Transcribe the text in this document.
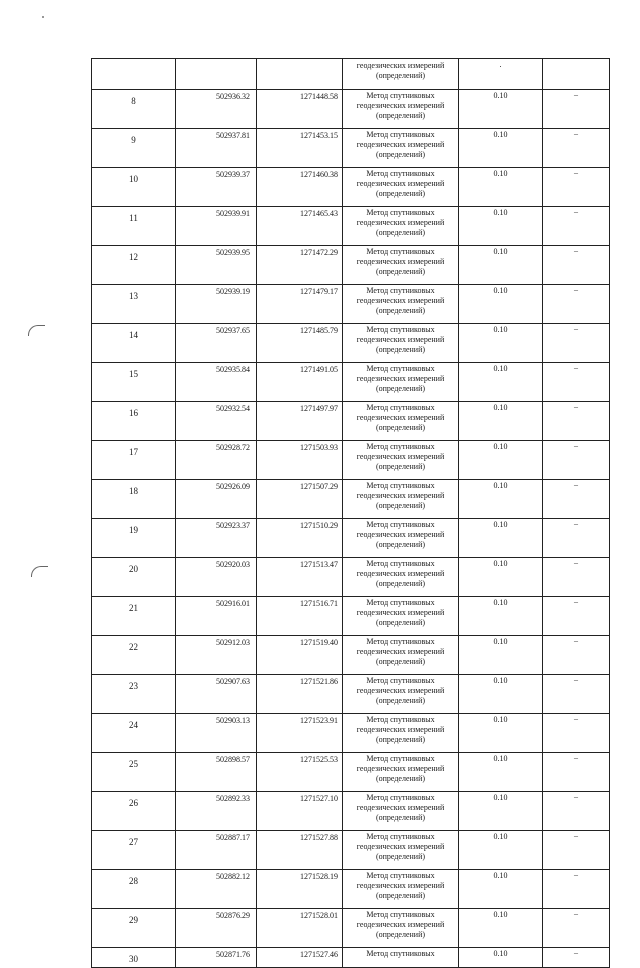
			геодезических измерений
(определений)	.	
8	502936.32	1271448.58	Метод спутниковых
геодезических измерений
(определений)	0.10	–
9	502937.81	1271453.15	Метод спутниковых
геодезических измерений
(определений)	0.10	–
10	502939.37	1271460.38	Метод спутниковых
геодезических измерений
(определений)	0.10	–
11	502939.91	1271465.43	Метод спутниковых
геодезических измерений
(определений)	0.10	–
12	502939.95	1271472.29	Метод спутниковых
геодезических измерений
(определений)	0.10	–
13	502939.19	1271479.17	Метод спутниковых
геодезических измерений
(определений)	0.10	–
14	502937.65	1271485.79	Метод спутниковых
геодезических измерений
(определений)	0.10	–
15	502935.84	1271491.05	Метод спутниковых
геодезических измерений
(определений)	0.10	–
16	502932.54	1271497.97	Метод спутниковых
геодезических измерений
(определений)	0.10	–
17	502928.72	1271503.93	Метод спутниковых
геодезических измерений
(определений)	0.10	–
18	502926.09	1271507.29	Метод спутниковых
геодезических измерений
(определений)	0.10	–
19	502923.37	1271510.29	Метод спутниковых
геодезических измерений
(определений)	0.10	–
20	502920.03	1271513.47	Метод спутниковых
геодезических измерений
(определений)	0.10	–
21	502916.01	1271516.71	Метод спутниковых
геодезических измерений
(определений)	0.10	–
22	502912.03	1271519.40	Метод спутниковых
геодезических измерений
(определений)	0.10	–
23	502907.63	1271521.86	Метод спутниковых
геодезических измерений
(определений)	0.10	–
24	502903.13	1271523.91	Метод спутниковых
геодезических измерений
(определений)	0.10	–
25	502898.57	1271525.53	Метод спутниковых
геодезических измерений
(определений)	0.10	–
26	502892.33	1271527.10	Метод спутниковых
геодезических измерений
(определений)	0.10	–
27	502887.17	1271527.88	Метод спутниковых
геодезических измерений
(определений)	0.10	–
28	502882.12	1271528.19	Метод спутниковых
геодезических измерений
(определений)	0.10	–
29	502876.29	1271528.01	Метод спутниковых
геодезических измерений
(определений)	0.10	–
30	502871.76	1271527.46	Метод спутниковых	0.10	–
